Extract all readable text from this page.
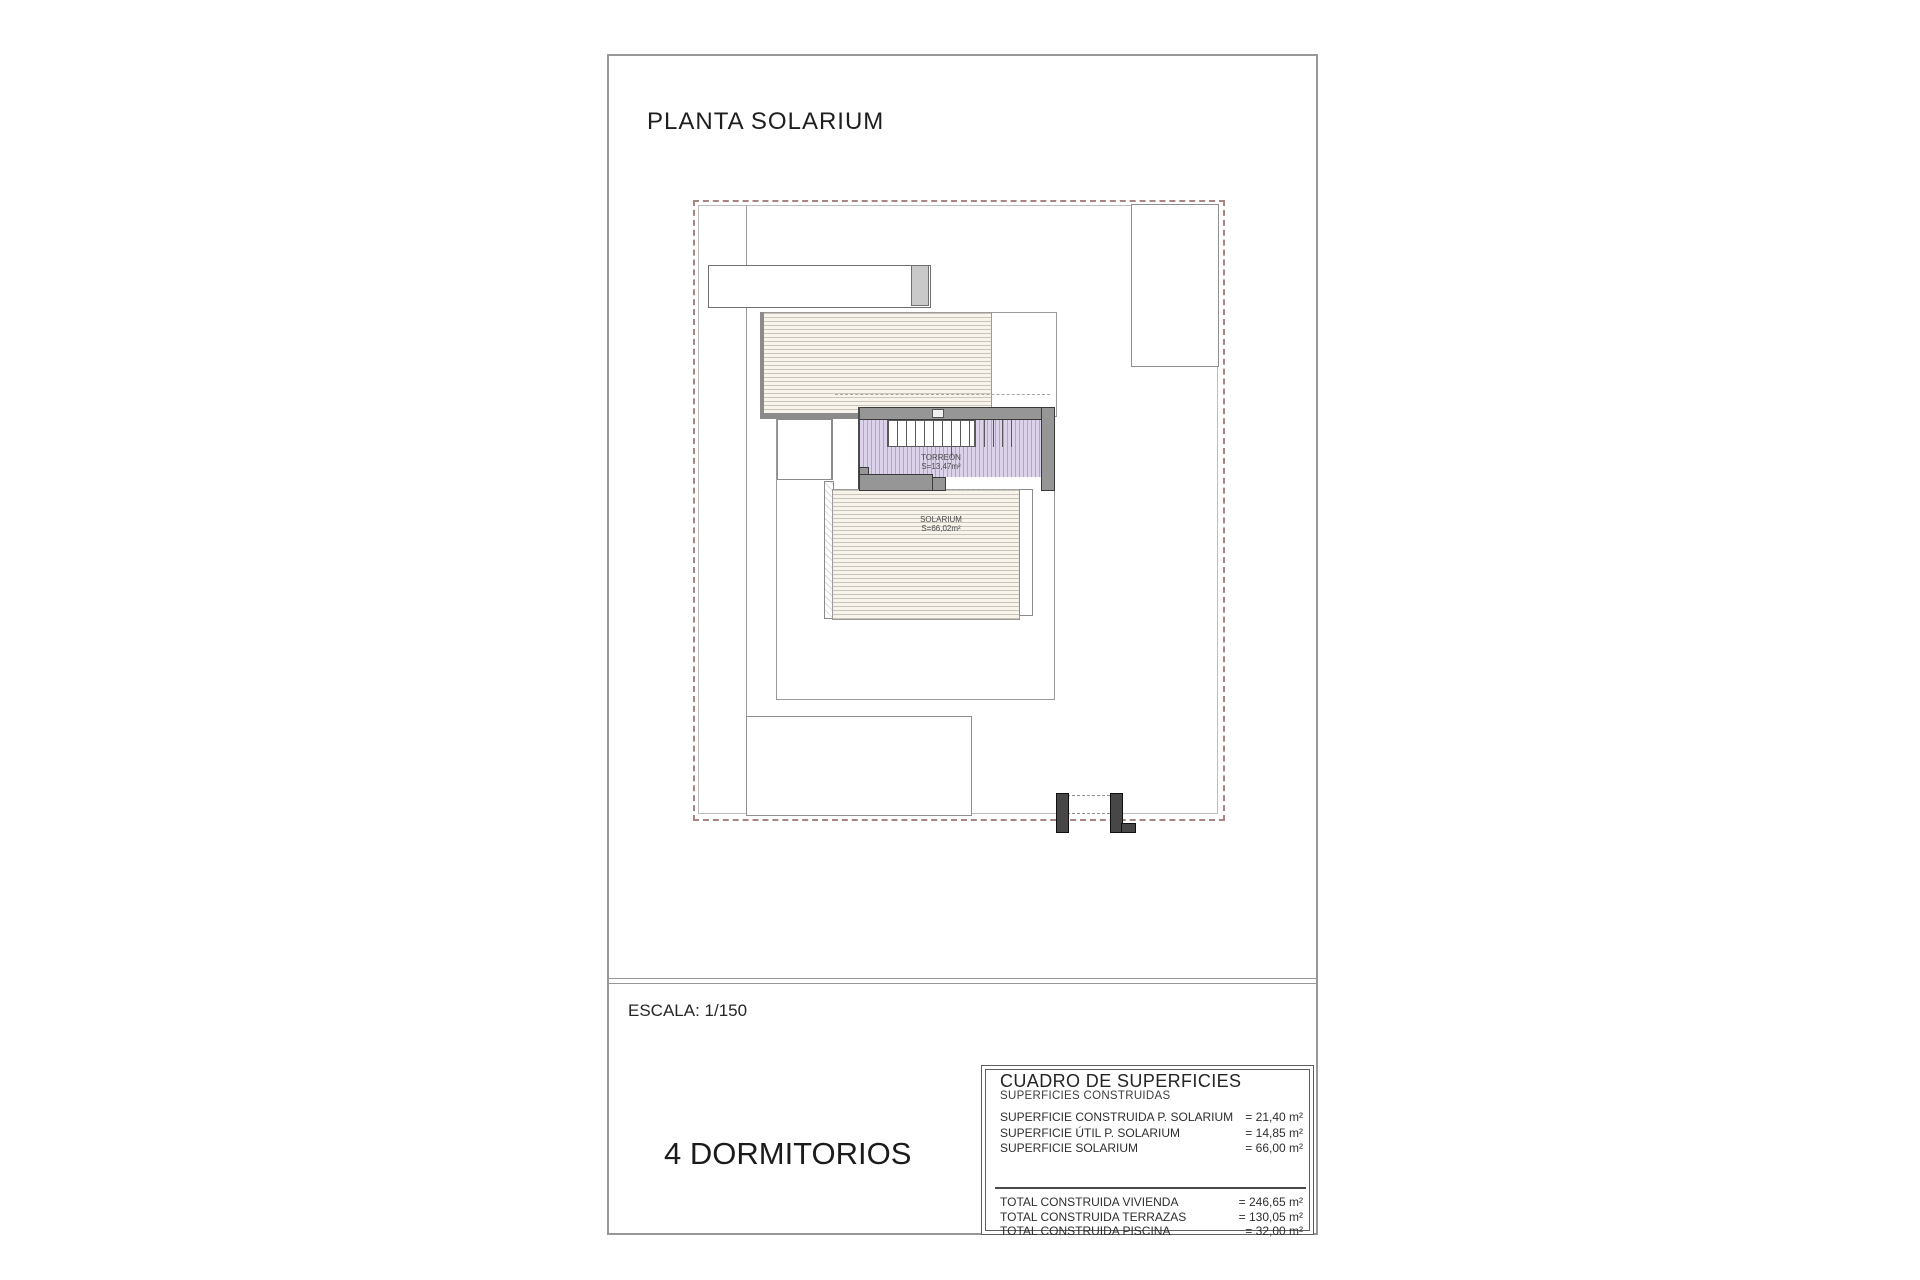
PLANTA SOLARIUM
SOLARIUM
S=66,02m²
TORREÓN
S=13,47m²
ESCALA: 1/150
4 DORMITORIOS
CUADRO DE SUPERFICIES
SUPERFICIES CONSTRUIDAS
SUPERFICIE CONSTRUIDA P. SOLARIUM = 21,40 m²
SUPERFICIE ÚTIL P. SOLARIUM	= 14,85 m²
SUPERFICIE SOLARIUM	= 66,00 m²
TOTAL CONSTRUIDA VIVIENDA	= 246,65 m²
TOTAL CONSTRUIDA TERRAZAS	= 130,05 m²
TOTAL CONSTRUIDA PISCINA	= 32,00 m²
